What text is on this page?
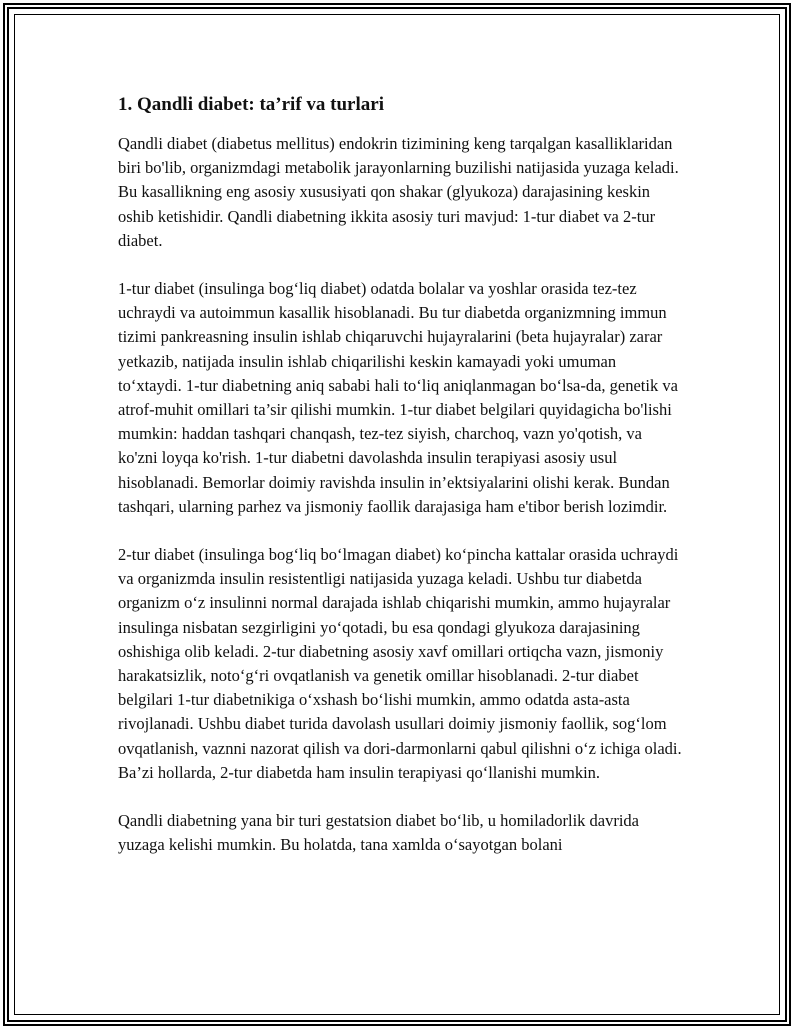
1. Qandli diabet: ta’rif va turlari

Qandli diabet (diabetus mellitus) endokrin tizimining keng tarqalgan kasalliklaridan biri bo'lib, organizmdagi metabolik jarayonlarning buzilishi natijasida yuzaga keladi. Bu kasallikning eng asosiy xususiyati qon shakar (glyukoza) darajasining keskin oshib ketishidir. Qandli diabetning ikkita asosiy turi mavjud: 1-tur diabet va 2-tur diabet.

1-tur diabet (insulinga bog‘liq diabet) odatda bolalar va yoshlar orasida tez-tez uchraydi va autoimmun kasallik hisoblanadi. Bu tur diabetda organizmning immun tizimi pankreasning insulin ishlab chiqaruvchi hujayralarini (beta hujayralar) zarar yetkazib, natijada insulin ishlab chiqarilishi keskin kamayadi yoki umuman to‘xtaydi. 1-tur diabetning aniq sababi hali to‘liq aniqlanmagan bo‘lsa-da, genetik va atrof-muhit omillari ta’sir qilishi mumkin. 1-tur diabet belgilari quyidagicha bo'lishi mumkin: haddan tashqari chanqash, tez-tez siyish, charchoq, vazn yo'qotish, va ko'zni loyqa ko'rish. 1-tur diabetni davolashda insulin terapiyasi asosiy usul hisoblanadi. Bemorlar doimiy ravishda insulin in’ektsiyalarini olishi kerak. Bundan tashqari, ularning parhez va jismoniy faollik darajasiga ham e'tibor berish lozimdir.

2-tur diabet (insulinga bog‘liq bo‘lmagan diabet) ko‘pincha kattalar orasida uchraydi va organizmda insulin resistentligi natijasida yuzaga keladi. Ushbu tur diabetda organizm o‘z insulinni normal darajada ishlab chiqarishi mumkin, ammo hujayralar insulinga nisbatan sezgirligini yo‘qotadi, bu esa qondagi glyukoza darajasining oshishiga olib keladi. 2-tur diabetning asosiy xavf omillari ortiqcha vazn, jismoniy harakatsizlik, noto‘g‘ri ovqatlanish va genetik omillar hisoblanadi. 2-tur diabet belgilari 1-tur diabetnikiga o‘xshash bo‘lishi mumkin, ammo odatda asta-asta rivojlanadi. Ushbu diabet turida davolash usullari doimiy jismoniy faollik, sog‘lom ovqatlanish, vaznni nazorat qilish va dori-darmonlarni qabul qilishni o‘z ichiga oladi. Ba’zi hollarda, 2-tur diabetda ham insulin terapiyasi qo‘llanishi mumkin.

Qandli diabetning yana bir turi gestatsion diabet bo‘lib, u homiladorlik davrida yuzaga kelishi mumkin. Bu holatda, tana xamlda o‘sayotgan bolani
